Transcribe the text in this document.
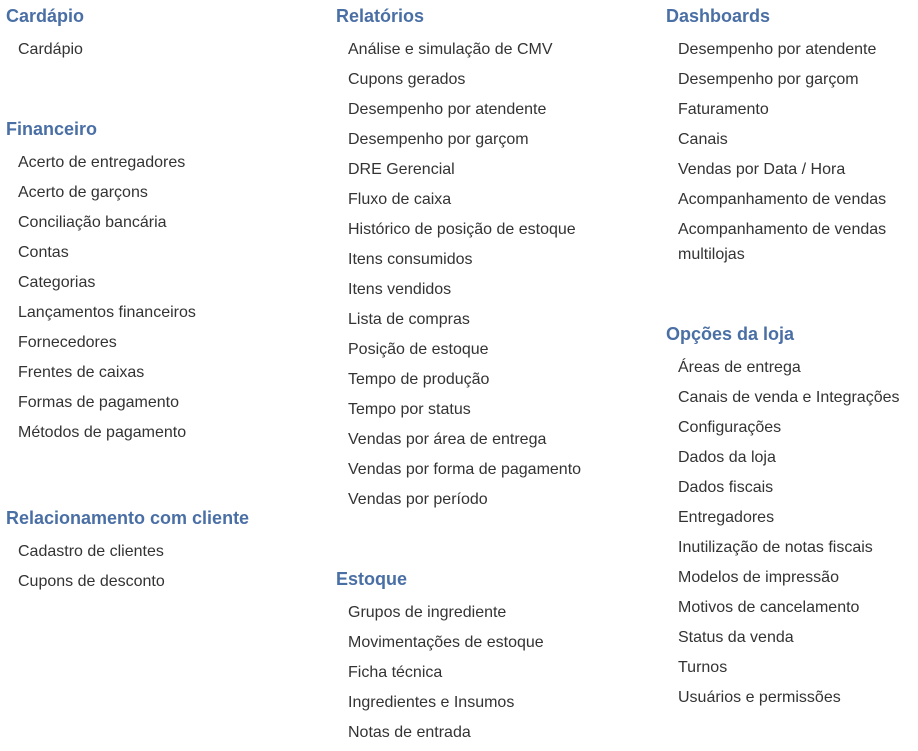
Cardápio
Cardápio
Financeiro
Acerto de entregadores
Acerto de garçons
Conciliação bancária
Contas
Categorias
Lançamentos financeiros
Fornecedores
Frentes de caixas
Formas de pagamento
Métodos de pagamento
Relacionamento com cliente
Cadastro de clientes
Cupons de desconto
Relatórios
Análise e simulação de CMV
Cupons gerados
Desempenho por atendente
Desempenho por garçom
DRE Gerencial
Fluxo de caixa
Histórico de posição de estoque
Itens consumidos
Itens vendidos
Lista de compras
Posição de estoque
Tempo de produção
Tempo por status
Vendas por área de entrega
Vendas por forma de pagamento
Vendas por período
Estoque
Grupos de ingrediente
Movimentações de estoque
Ficha técnica
Ingredientes e Insumos
Notas de entrada
Dashboards
Desempenho por atendente
Desempenho por garçom
Faturamento
Canais
Vendas por Data / Hora
Acompanhamento de vendas
Acompanhamento de vendas multilojas
Opções da loja
Áreas de entrega
Canais de venda e Integrações
Configurações
Dados da loja
Dados fiscais
Entregadores
Inutilização de notas fiscais
Modelos de impressão
Motivos de cancelamento
Status da venda
Turnos
Usuários e permissões
